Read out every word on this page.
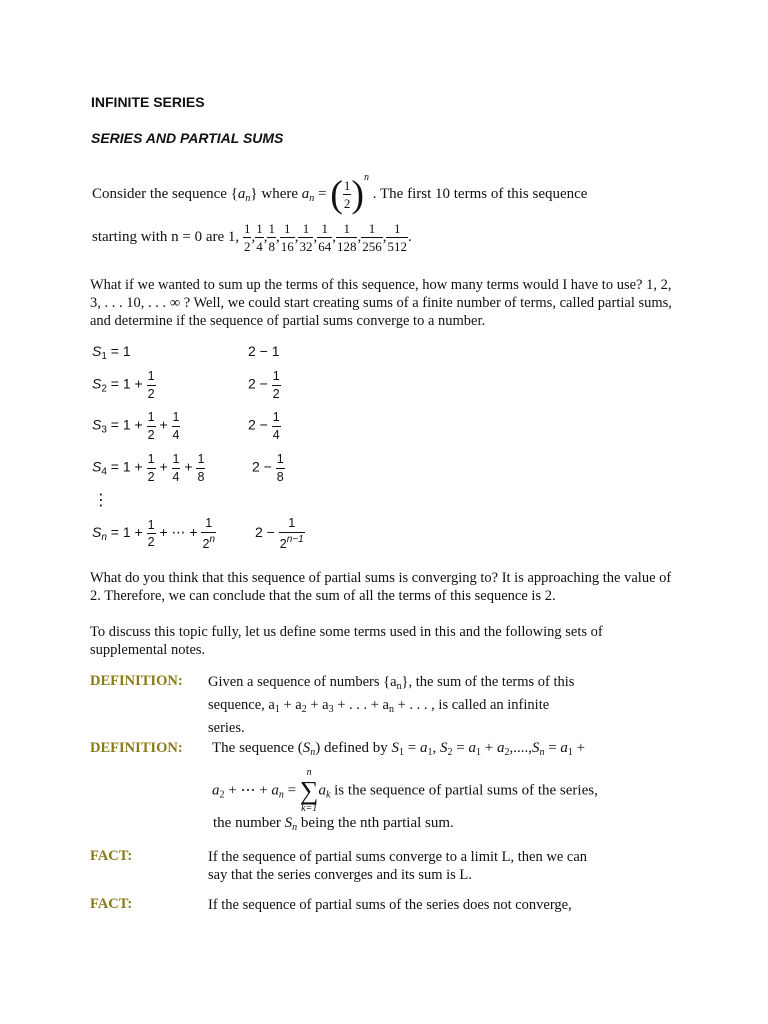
INFINITE SERIES
SERIES AND PARTIAL SUMS
Consider the sequence $\{a_n\}$ where $a_n$ = ( $\frac{1}{2} )^n$ . The first 10 terms of this sequence
starting with n = 0 are 1, $\frac{1}{2}$ , $\frac{1}{4}$ , $\frac{1}{8}$ , $\frac{1}{16}$ , $\frac{1}{32}$ , $\frac{1}{64}$ , $\frac{1}{128}$ , $\frac{1}{256}$ , $\frac{1}{512}$ .
What if we wanted to sum up the terms of this sequence, how many terms would I have to use? 1, 2, 3, . . . 10, . . . ∞ ? Well, we could start creating sums of a finite number of terms, called partial sums, and determine if the sequence of partial sums converge to a number.
$S_1 = 1$	2 − 1
$S_2 = 1 + \frac{1}{2}$	$2 - \frac{1}{2}$
$S_3 = 1 + \frac{1}{2} + \frac{1}{4}$	$2 - \frac{1}{4}$
$S_4 = 1 + \frac{1}{2} + \frac{1}{4} + \frac{1}{8}$	$2 - \frac{1}{8}$
⋮
$S_n = 1 + \frac{1}{2}$ + ⋯ + $\frac{1}{2^n}$	$2 - \frac{1}{2^{n-1}}$
What do you think that this sequence of partial sums is converging to? It is approaching the value of 2. Therefore, we can conclude that the sum of all the terms of this sequence is 2.
To discuss this topic fully, let us define some terms used in this and the following sets of supplemental notes.
DEFINITION: Given a sequence of numbers $\{a_n\}$, the sum of the terms of this
sequence, $a_1 + a_2 + a_3$ + . . . + $a_n$ + . . . , is called an infinite
series.
DEFINITION: The sequence $(S_n)$ defined by $S_1 = a_1$, $S_2 = a_1 + a_2,....,S_n = a_1$ +
$a_2$ + ⋯ + $a_n$ =
n
∑
k=1
$a_k$ is the sequence of partial sums of the series,
the number $S_n$ being the nth partial sum.
FACT:	If the sequence of partial sums converge to a limit L, then we can say that the series converges and its sum is L.
FACT:	If the sequence of partial sums of the series does not converge,
